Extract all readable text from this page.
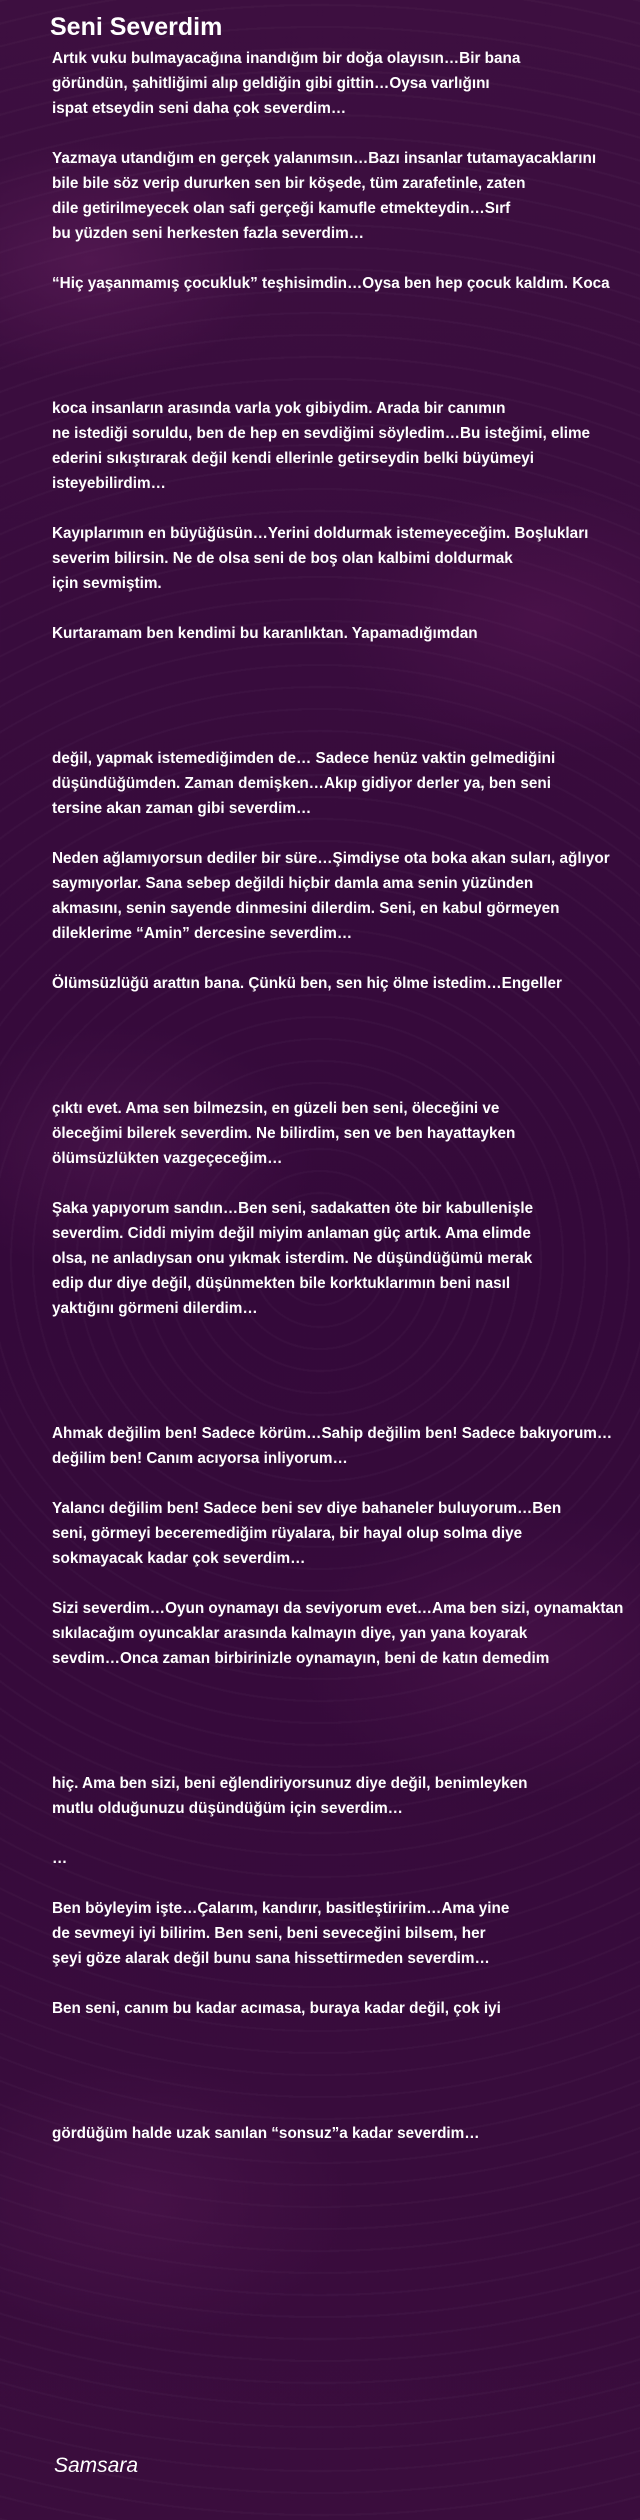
Seni Severdim
Artık vuku bulmayacağına inandığım bir doğa olayısın…Bir bana
göründün, şahitliğimi alıp geldiğin gibi gittin…Oysa varlığını
ispat etseydin seni daha çok severdim…
Yazmaya utandığım en gerçek yalanımsın…Bazı insanlar tutamayacaklarını
bile bile söz verip dururken sen bir köşede, tüm zarafetinle, zaten
dile getirilmeyecek olan safi gerçeği kamufle etmekteydin…Sırf
bu yüzden seni herkesten fazla severdim…
“Hiç yaşanmamış çocukluk” teşhisimdin…Oysa ben hep çocuk kaldım. Koca
koca insanların arasında varla yok gibiydim. Arada bir canımın
ne istediği soruldu, ben de hep en sevdiğimi söyledim…Bu isteğimi, elime
ederini sıkıştırarak değil kendi ellerinle getirseydin belki büyümeyi
isteyebilirdim…
Kayıplarımın en büyüğüsün…Yerini doldurmak istemeyeceğim. Boşlukları
severim bilirsin. Ne de olsa seni de boş olan kalbimi doldurmak
için sevmiştim.
Kurtaramam ben kendimi bu karanlıktan. Yapamadığımdan
değil, yapmak istemediğimden de… Sadece henüz vaktin gelmediğini
düşündüğümden. Zaman demişken…Akıp gidiyor derler ya, ben seni
tersine akan zaman gibi severdim…
Neden ağlamıyorsun dediler bir süre…Şimdiyse ota boka akan suları, ağlıyor
saymıyorlar. Sana sebep değildi hiçbir damla ama senin yüzünden
akmasını, senin sayende dinmesini dilerdim. Seni, en kabul görmeyen
dileklerime “Amin” dercesine severdim…
Ölümsüzlüğü arattın bana. Çünkü ben, sen hiç ölme istedim…Engeller
çıktı evet. Ama sen bilmezsin, en güzeli ben seni, öleceğini ve
öleceğimi bilerek severdim. Ne bilirdim, sen ve ben hayattayken
ölümsüzlükten vazgeçeceğim…
Şaka yapıyorum sandın…Ben seni, sadakatten öte bir kabullenişle
severdim. Ciddi miyim değil miyim anlaman güç artık. Ama elimde
olsa, ne anladıysan onu yıkmak isterdim. Ne düşündüğümü merak
edip dur diye değil, düşünmekten bile korktuklarımın beni nasıl
yaktığını görmeni dilerdim…
Ahmak değilim ben! Sadece körüm…Sahip değilim ben! Sadece bakıyorum…
değilim ben! Canım acıyorsa inliyorum…
Yalancı değilim ben! Sadece beni sev diye bahaneler buluyorum…Ben
seni, görmeyi beceremediğim rüyalara, bir hayal olup solma diye
sokmayacak kadar çok severdim…
Sizi severdim…Oyun oynamayı da seviyorum evet…Ama ben sizi, oynamaktan
sıkılacağım oyuncaklar arasında kalmayın diye, yan yana koyarak
sevdim…Onca zaman birbirinizle oynamayın, beni de katın demedim
hiç. Ama ben sizi, beni eğlendiriyorsunuz diye değil, benimleyken
mutlu olduğunuzu düşündüğüm için severdim…
…
Ben böyleyim işte…Çalarım, kandırır, basitleştiririm…Ama yine
de sevmeyi iyi bilirim. Ben seni, beni seveceğini bilsem, her
şeyi göze alarak değil bunu sana hissettirmeden severdim…
Ben seni, canım bu kadar acımasa, buraya kadar değil, çok iyi
gördüğüm halde uzak sanılan “sonsuz”a kadar severdim…
Samsara
